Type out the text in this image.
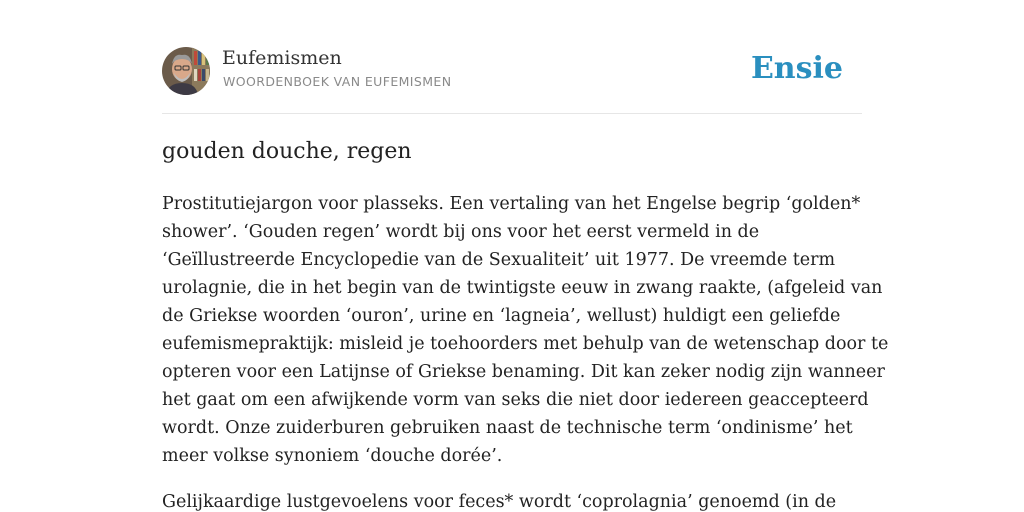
Eufemismen
WOORDENBOEK VAN EUFEMISMEN	Ensie
gouden douche, regen
Prostitutiejargon voor plasseks. Een vertaling van het Engelse begrip ‘golden*
shower’. ‘Gouden regen’ wordt bij ons voor het eerst vermeld in de
‘Geïllustreerde Encyclopedie van de Sexualiteit’ uit 1977. De vreemde term
urolagnie, die in het begin van de twintigste eeuw in zwang raakte, (afgeleid van
de Griekse woorden ‘ouron’, urine en ‘lagneia’, wellust) huldigt een geliefde
eufemismepraktijk: misleid je toehoorders met behulp van de wetenschap door te
opteren voor een Latijnse of Griekse benaming. Dit kan zeker nodig zijn wanneer
het gaat om een afwijkende vorm van seks die niet door iedereen geaccepteerd
wordt. Onze zuiderburen gebruiken naast de technische term ‘ondinisme’ het
meer volkse synoniem ‘douche dorée’.
Gelijkaardige lustgevoelens voor feces* wordt ‘coprolagnia’ genoemd (in de
